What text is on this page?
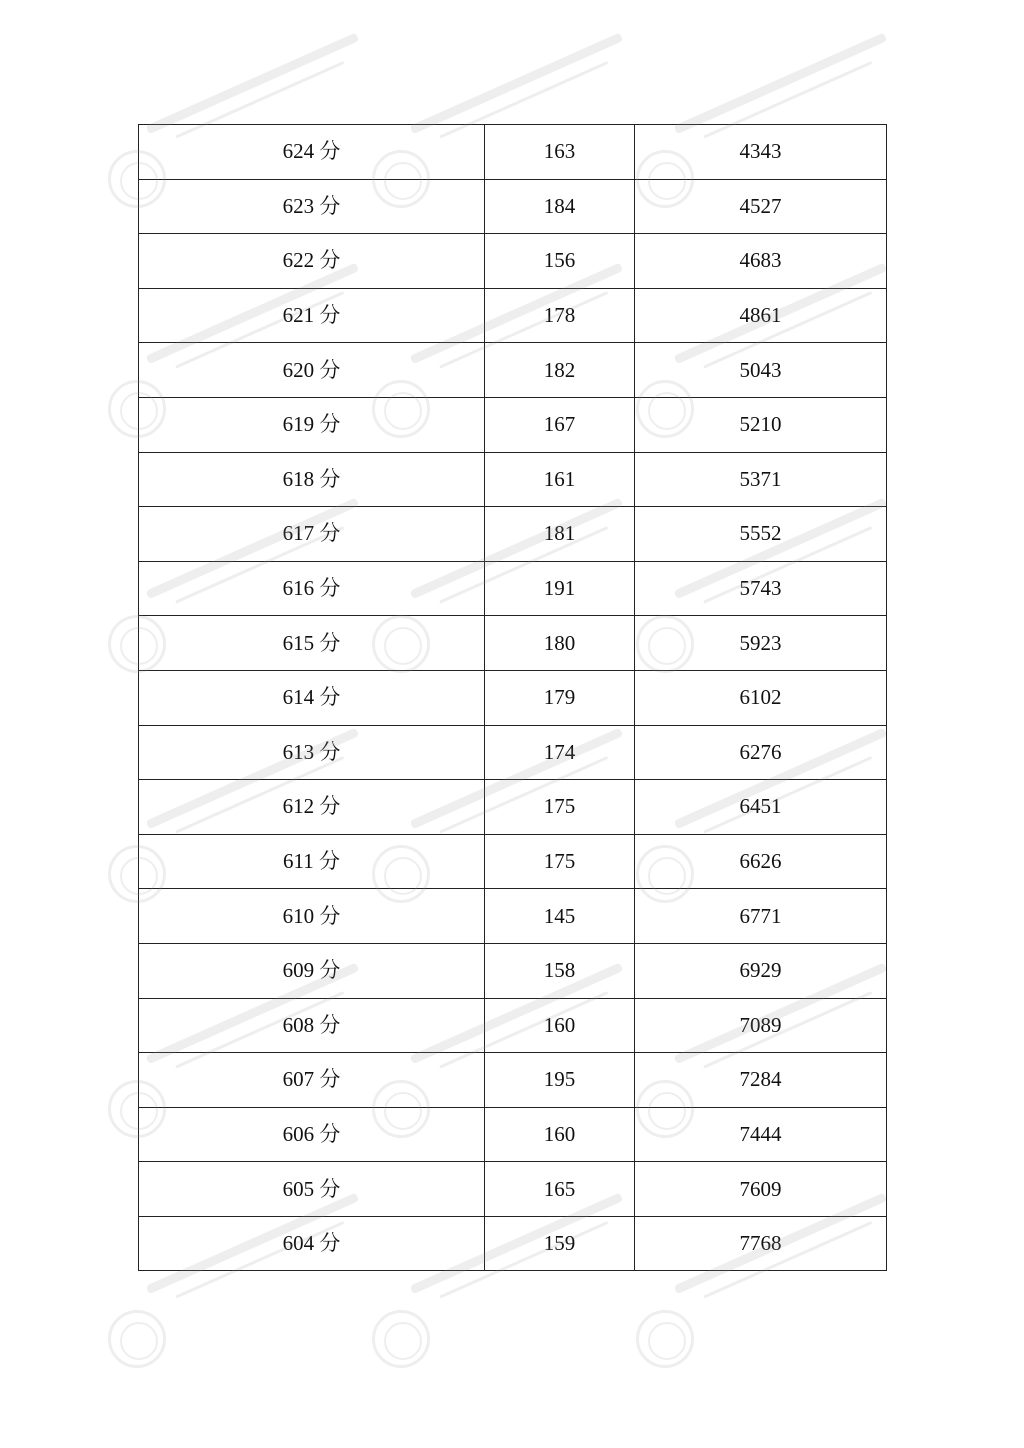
624 分	163	4343
623 分	184	4527
622 分	156	4683
621 分	178	4861
620 分	182	5043
619 分	167	5210
618 分	161	5371
617 分	181	5552
616 分	191	5743
615 分	180	5923
614 分	179	6102
613 分	174	6276
612 分	175	6451
611 分	175	6626
610 分	145	6771
609 分	158	6929
608 分	160	7089
607 分	195	7284
606 分	160	7444
605 分	165	7609
604 分	159	7768
